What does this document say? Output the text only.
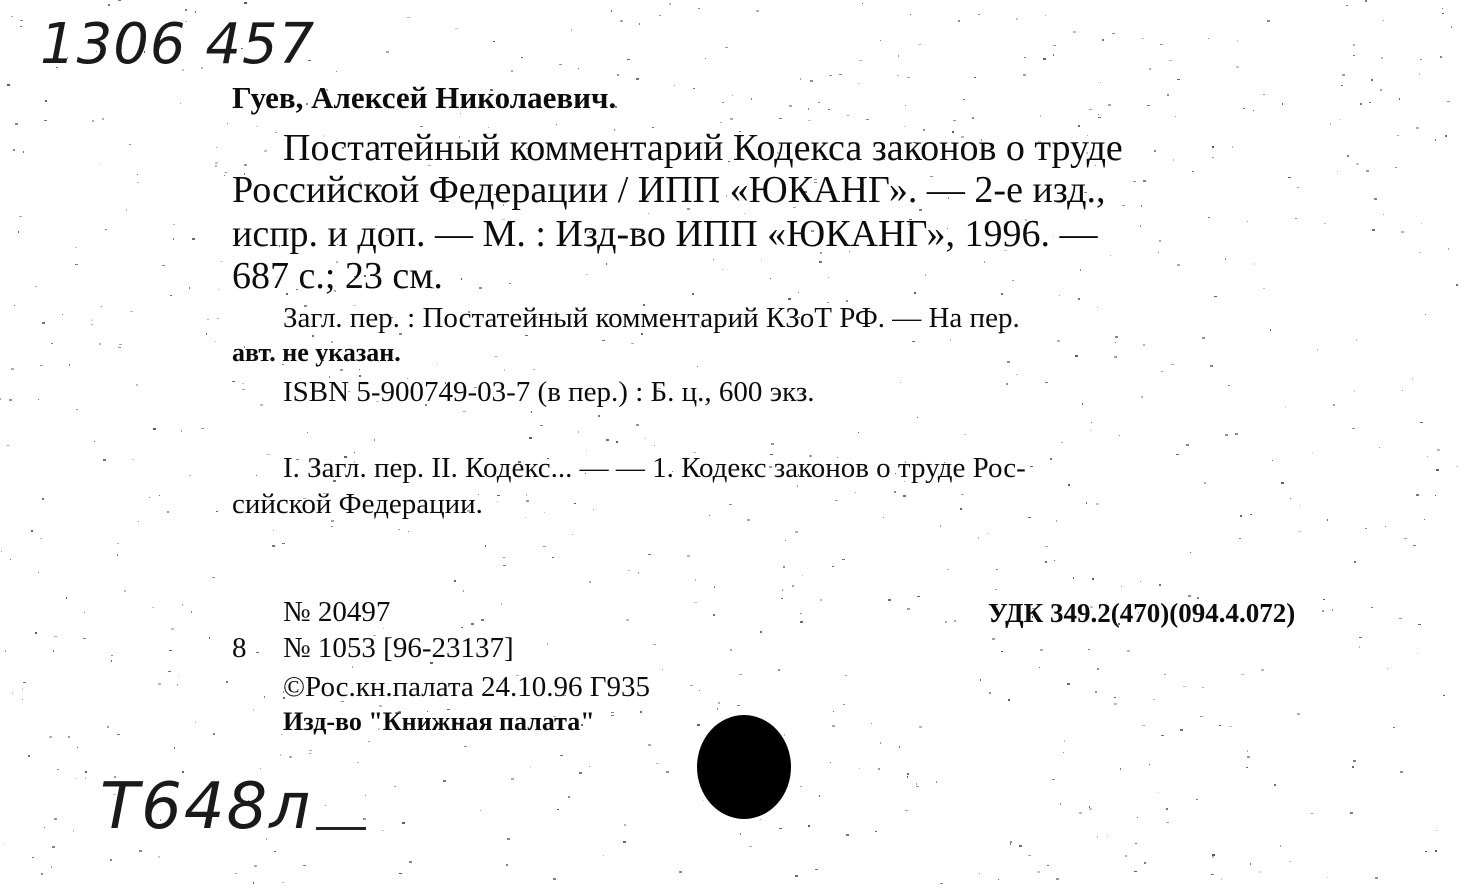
1306 457
Гуев, Алексей Николаевич.
Постатейный комментарий Кодекса законов о труде
Российской Федерации / ИПП «ЮКАНГ». — 2-е изд.,
испр. и доп. — М. : Изд-во ИПП «ЮКАНГ», 1996. —
687 с.; 23 см.
Загл. пер. : Постатейный комментарий КЗоТ РФ. — На пер.
авт. не указан.
ISBN 5-900749-03-7 (в пер.) : Б. ц., 600 экз.
I. Загл. пер. II. Кодекс... — — 1. Кодекс законов о труде Рос-
сийской Федерации.
№ 20497	УДК 349.2(470)(094.4.072)
8 № 1053 [96-23137]
©Рос.кн.палата 24.10.96 Г935
Изд-во "Книжная палата"
Т648л
